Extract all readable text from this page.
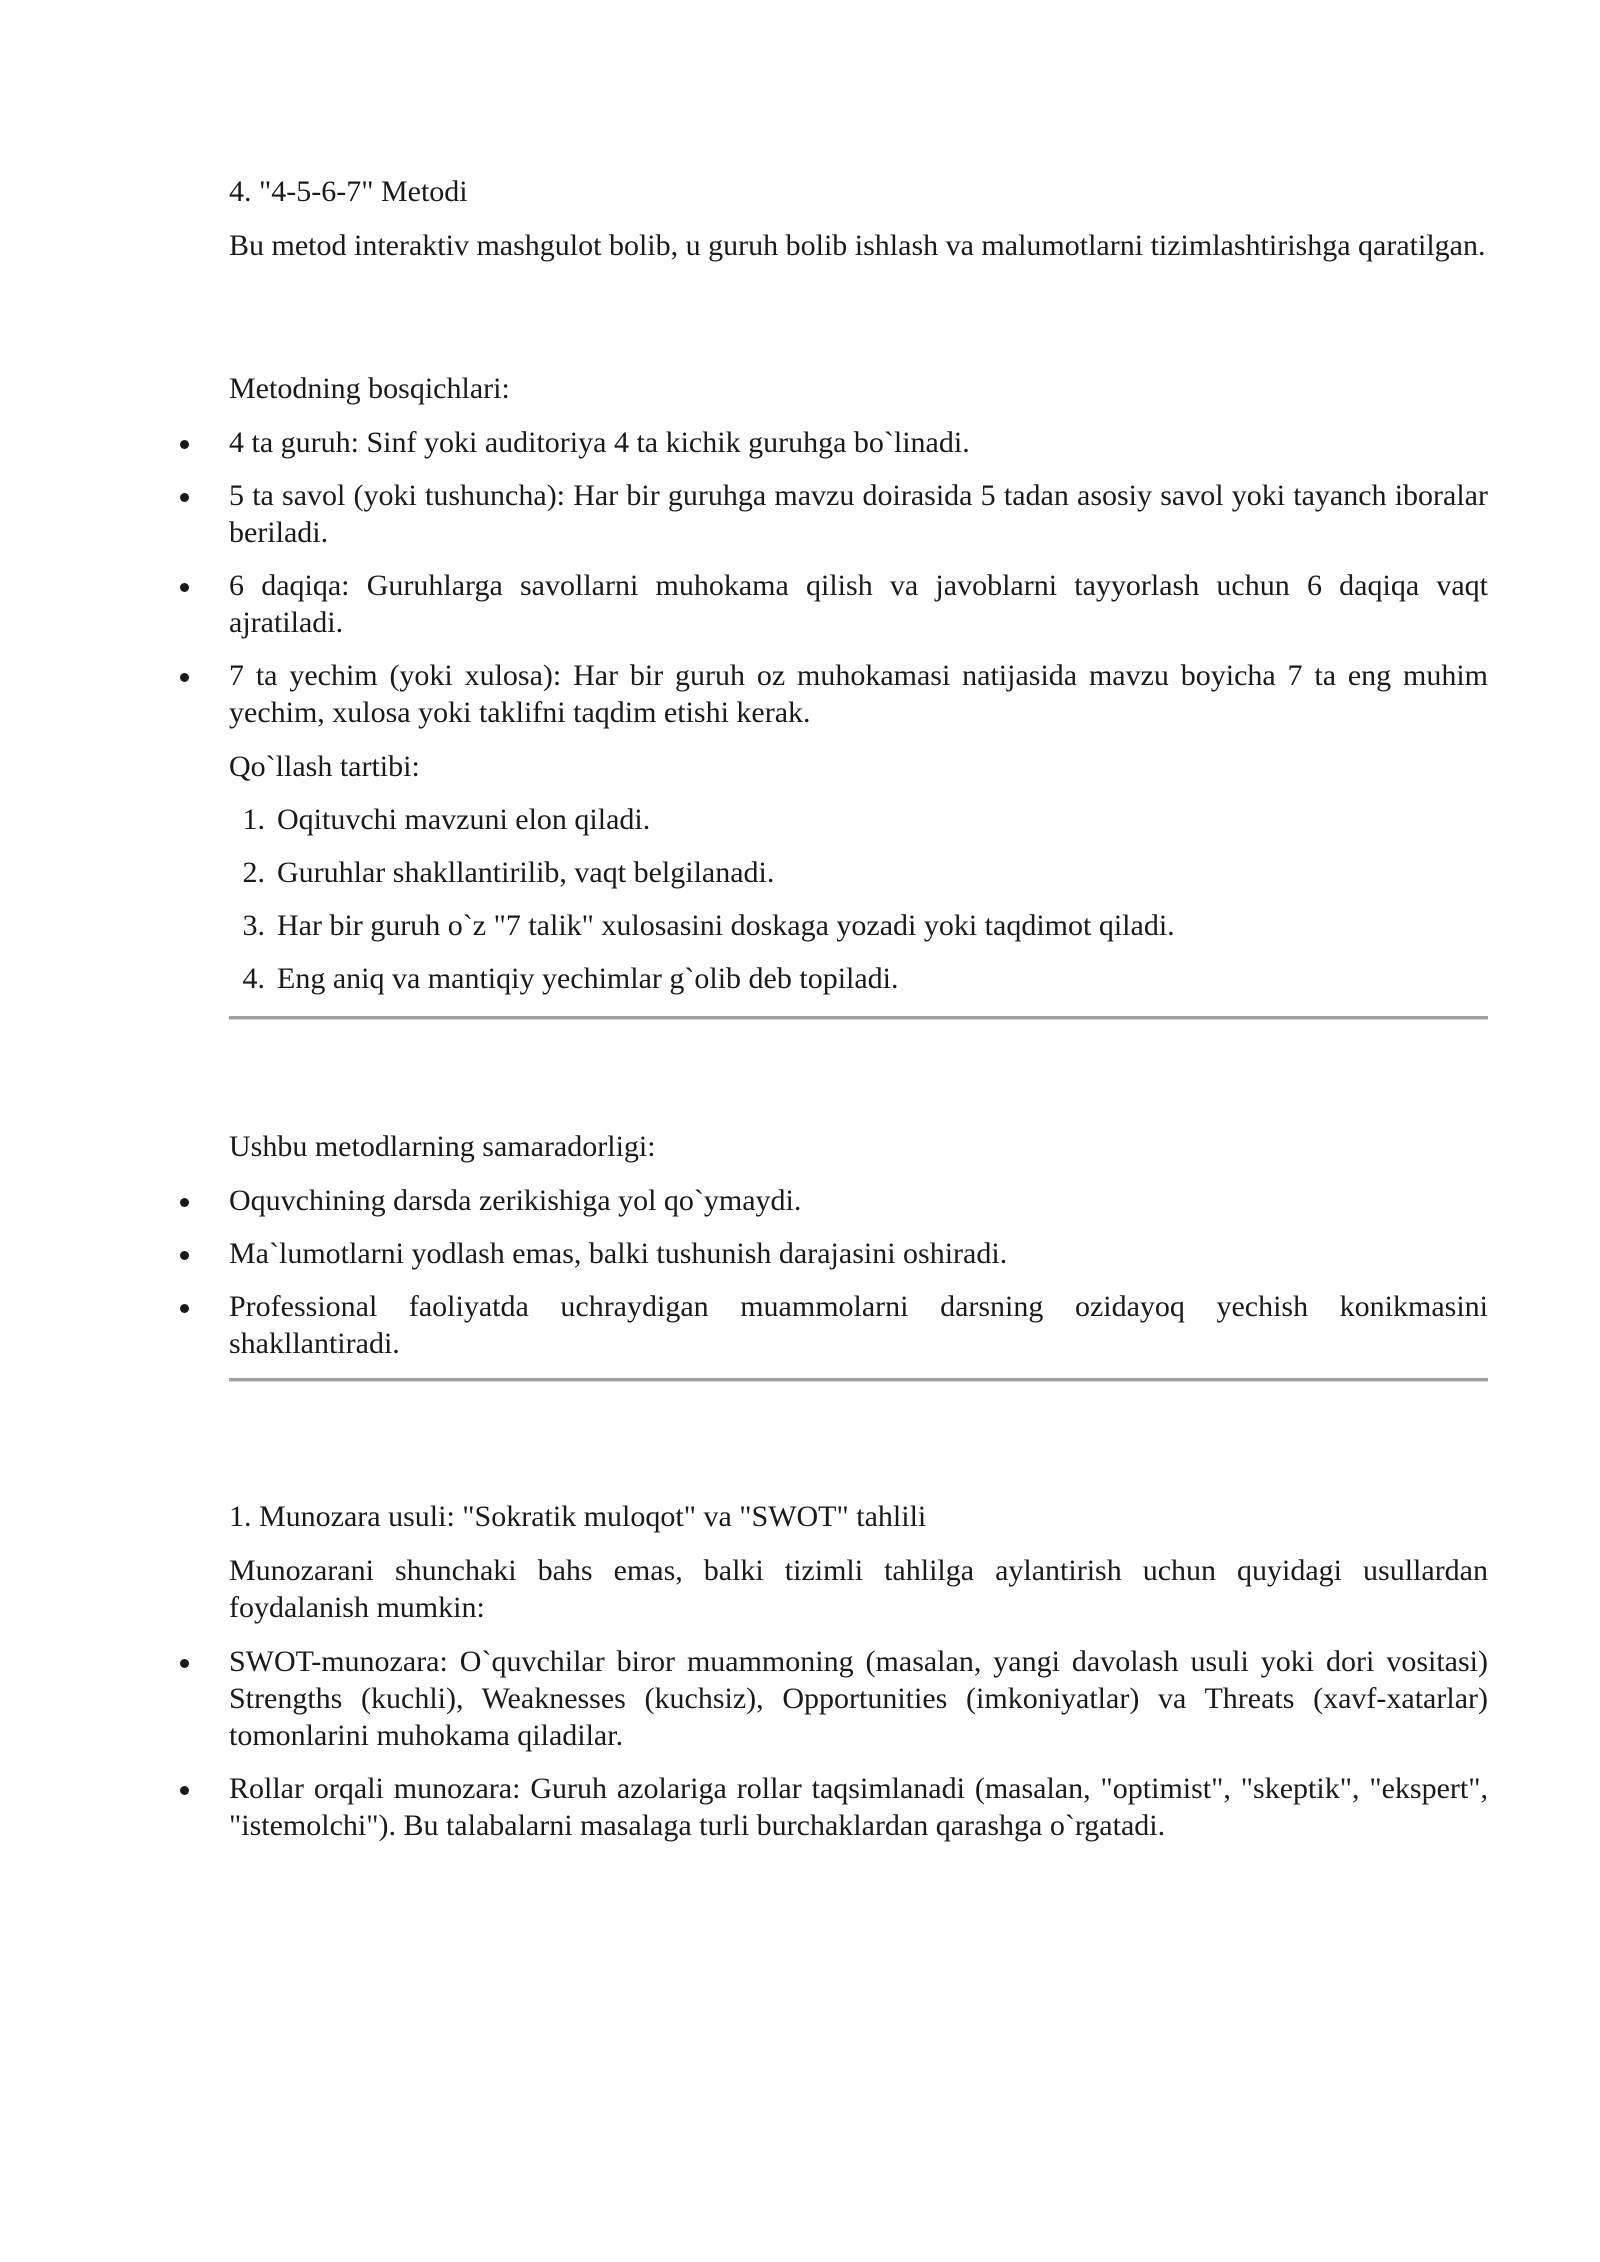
4. "4-5-6-7" Metodi

Bu metod interaktiv mashgulot bolib, u guruh bolib ishlash va malumotlarni tizimlashtirishga qaratilgan.

Metodning bosqichlari:

4 ta guruh: Sinf yoki auditoriya 4 ta kichik guruhga bo`linadi.
5 ta savol (yoki tushuncha): Har bir guruhga mavzu doirasida 5 tadan asosiy savol yoki tayanch iboralar beriladi.
6 daqiqa: Guruhlarga savollarni muhokama qilish va javoblarni tayyorlash uchun 6 daqiqa vaqt ajratiladi.
7 ta yechim (yoki xulosa): Har bir guruh oz muhokamasi natijasida mavzu boyicha 7 ta eng muhim yechim, xulosa yoki taklifni taqdim etishi kerak.

Qo`llash tartibi:

1. Oqituvchi mavzuni elon qiladi.
2. Guruhlar shakllantirilib, vaqt belgilanadi.
3. Har bir guruh o`z "7 talik" xulosasini doskaga yozadi yoki taqdimot qiladi.
4. Eng aniq va mantiqiy yechimlar g`olib deb topiladi.

Ushbu metodlarning samaradorligi:

Oquvchining darsda zerikishiga yol qo`ymaydi.
Ma`lumotlarni yodlash emas, balki tushunish darajasini oshiradi.
Professional faoliyatda uchraydigan muammolarni darsning ozidayoq yechish konikmasini shakllantiradi.

1. Munozara usuli: "Sokratik muloqot" va "SWOT" tahlili

Munozarani shunchaki bahs emas, balki tizimli tahlilga aylantirish uchun quyidagi usullardan foydalanish mumkin:

SWOT-munozara: O`quvchilar biror muammoning (masalan, yangi davolash usuli yoki dori vositasi) Strengths (kuchli), Weaknesses (kuchsiz), Opportunities (imkoniyatlar) va Threats (xavf-xatarlar) tomonlarini muhokama qiladilar.
Rollar orqali munozara: Guruh azolariga rollar taqsimlanadi (masalan, "optimist", "skeptik", "ekspert", "istemolchi"). Bu talabalarni masalaga turli burchaklardan qarashga o`rgatadi.
